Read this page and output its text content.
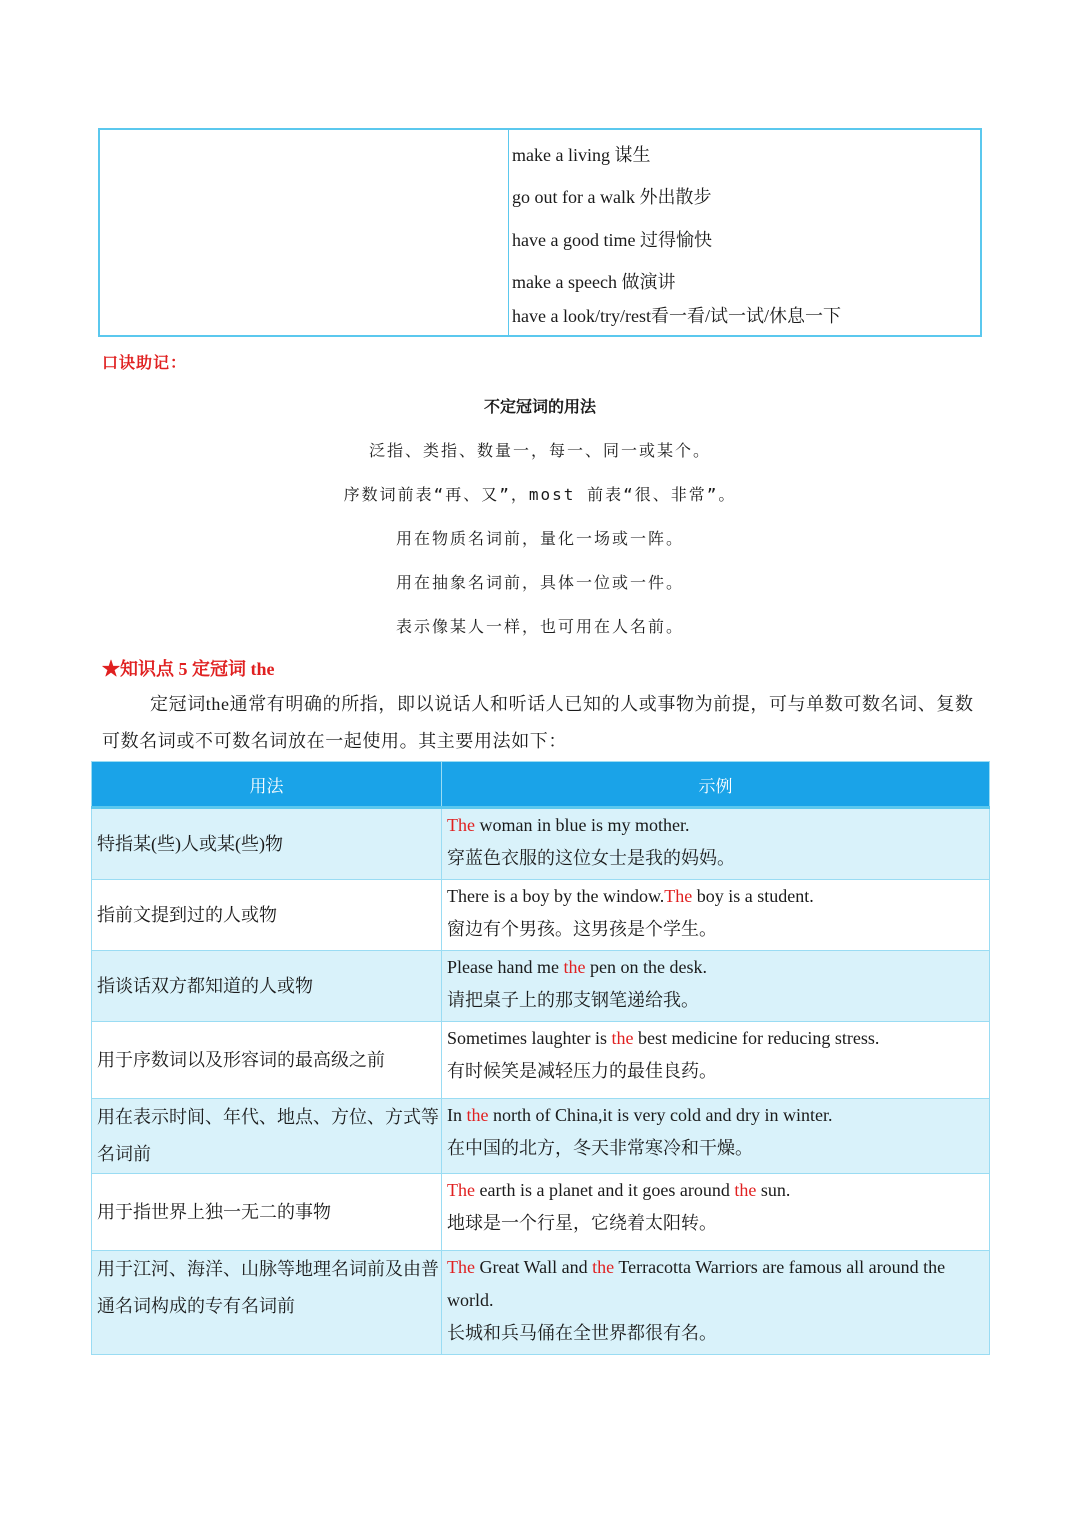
make a living 谋生
go out for a walk 外出散步
have a good time 过得愉快
make a speech 做演讲
have a look/try/rest看一看/试一试/休息一下
口诀助记：
不定冠词的用法
泛指、类指、数量一，每一、同一或某个。
序数词前表“再、又”，most 前表“很、非常”。
用在物质名词前，量化一场或一阵。
用在抽象名词前，具体一位或一件。
表示像某人一样，也可用在人名前。
★知识点 5 定冠词 the
定冠词the通常有明确的所指，即以说话人和听话人已知的人或事物为前提，可与单数可数名词、复数可数名词或不可数名词放在一起使用。其主要用法如下：
用法	示例
特指某(些)人或某(些)物	The woman in blue is my mother.
穿蓝色衣服的这位女士是我的妈妈。

指前文提到过的人或物	There is a boy by the window.The boy is a student.
窗边有个男孩。这男孩是个学生。

指谈话双方都知道的人或物	Please hand me the pen on the desk.
请把桌子上的那支钢笔递给我。

用于序数词以及形容词的最高级之前	Sometimes laughter is the best medicine for reducing stress.
有时候笑是减轻压力的最佳良药。

用在表示时间、年代、地点、方位、方式等名词前	In the north of China,it is very cold and dry in winter.
在中国的北方，冬天非常寒冷和干燥。

用于指世界上独一无二的事物	The earth is a planet and it goes around the sun.
地球是一个行星，它绕着太阳转。

用于江河、海洋、山脉等地理名词前及由普通名词构成的专有名词前	The Great Wall and the Terracotta Warriors are famous all around the world.
长城和兵马俑在全世界都很有名。
